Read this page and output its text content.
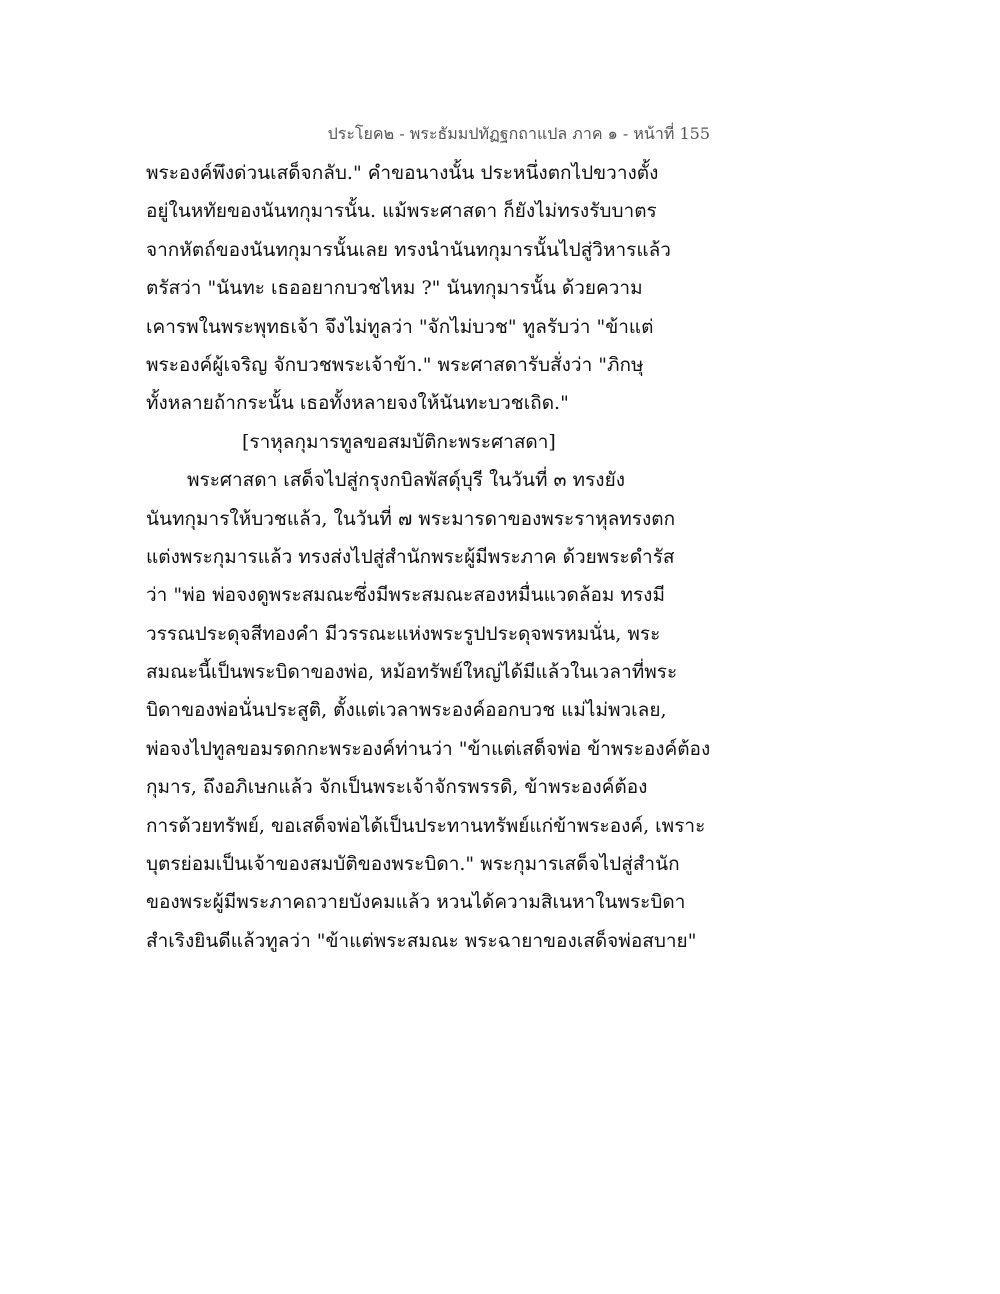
ประโยค๒ - พระธัมมปทัฏฐกถาแปล ภาค ๑ - หน้าที่ 155
พระองค์พึงด่วนเสด็จกลับ." คำขอนางนั้น ประหนึ่งตกไปขวางตั้ง
อยู่ในหทัยของนันทกุมารนั้น. แม้พระศาสดา ก็ยังไม่ทรงรับบาตร
จากหัตถ์ของนันทกุมารนั้นเลย ทรงนำนันทกุมารนั้นไปสู่วิหารแล้ว
ตรัสว่า "นันทะ เธออยากบวชไหม ?" นันทกุมารนั้น ด้วยความ
เคารพในพระพุทธเจ้า จึงไม่ทูลว่า "จักไม่บวช" ทูลรับว่า "ข้าแต่
พระองค์ผู้เจริญ จักบวชพระเจ้าข้า." พระศาสดารับสั่งว่า "ภิกษุ
ทั้งหลายถ้ากระนั้น เธอทั้งหลายจงให้นันทะบวชเถิด."
[ราหุลกุมารทูลขอสมบัติกะพระศาสดา]
พระศาสดา เสด็จไปสู่กรุงกบิลพัสดุ์บุรี ในวันที่ ๓ ทรงยัง
นันทกุมารให้บวชแล้ว, ในวันที่ ๗ พระมารดาของพระราหุลทรงตก
แต่งพระกุมารแล้ว ทรงส่งไปสู่สำนักพระผู้มีพระภาค ด้วยพระดำรัส
ว่า "พ่อ พ่อจงดูพระสมณะซึ่งมีพระสมณะสองหมื่นแวดล้อม ทรงมี
วรรณประดุจสีทองคำ มีวรรณะแห่งพระรูปประดุจพรหมนั่น, พระ
สมณะนี้เป็นพระบิดาของพ่อ, หม้อทรัพย์ใหญ่ได้มีแล้วในเวลาที่พระ
บิดาของพ่อนั่นประสูติ, ตั้งแต่เวลาพระองค์ออกบวช แม่ไม่พวเลย,
พ่อจงไปทูลขอมรดกกะพระองค์ท่านว่า "ข้าแต่เสด็จพ่อ ข้าพระองค์ต้อง
กุมาร, ถึงอภิเษกแล้ว จักเป็นพระเจ้าจักรพรรดิ, ข้าพระองค์ต้อง
การด้วยทรัพย์, ขอเสด็จพ่อได้เป็นประทานทรัพย์แก่ข้าพระองค์, เพราะ
บุตรย่อมเป็นเจ้าของสมบัติของพระบิดา." พระกุมารเสด็จไปสู่สำนัก
ของพระผู้มีพระภาคถวายบังคมแล้ว หวนได้ความสิเนหาในพระบิดา
สำเริงยินดีแล้วทูลว่า "ข้าแต่พระสมณะ พระฉายาของเสด็จพ่อสบาย"
